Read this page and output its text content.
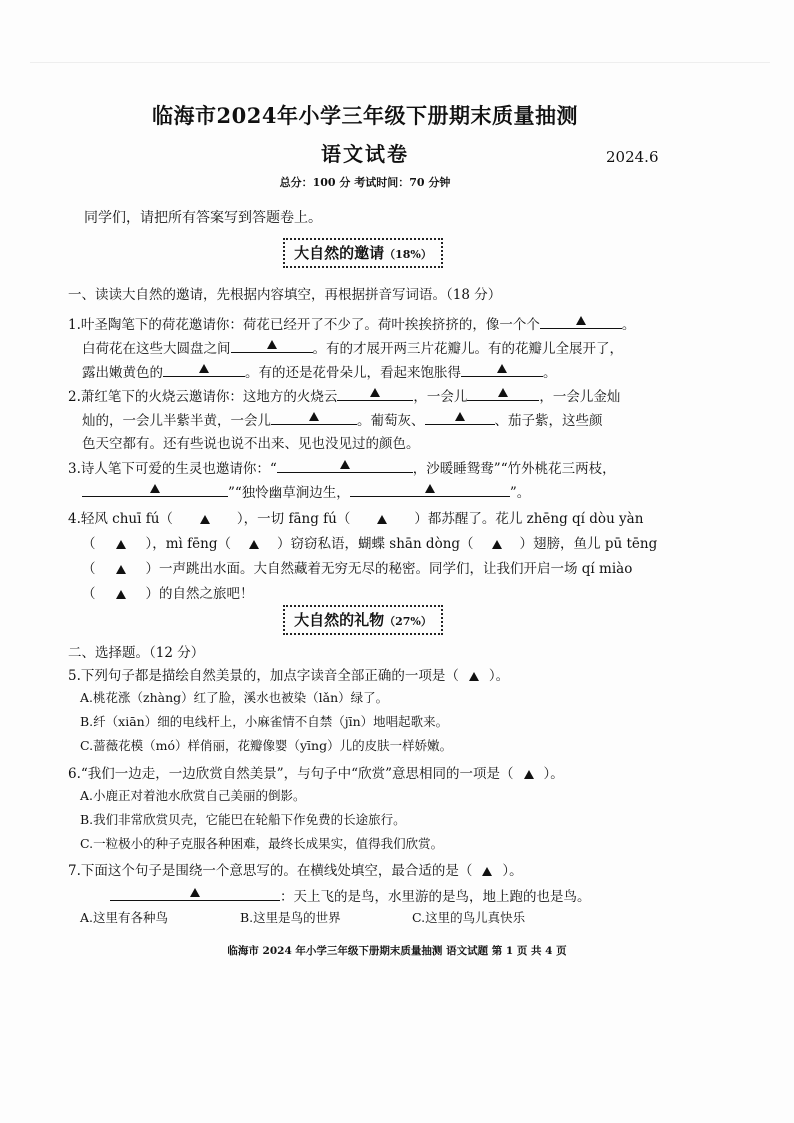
临海市2024年小学三年级下册期末质量抽测
语文试卷	2024.6
总分：100 分 考试时间：70 分钟
同学们，请把所有答案写到答题卷上。
大自然的邀请（18%）
一、读读大自然的邀请，先根据内容填空，再根据拼音写词语。（18 分）
1.叶圣陶笔下的荷花邀请你：荷花已经开了不少了。荷叶挨挨挤挤的，像一个个	。
白荷花在这些大圆盘之间	。有的才展开两三片花瓣儿。有的花瓣儿全展开了，
露出嫩黄色的	。有的还是花骨朵儿，看起来饱胀得	。
2.萧红笔下的火烧云邀请你：这地方的火烧云	，一会儿	，一会儿金灿
灿的，一会儿半紫半黄，一会儿	。葡萄灰、	、茄子紫，这些颜
色天空都有。还有些说也说不出来、见也没见过的颜色。
3.诗人笔下可爱的生灵也邀请你：“	，沙暖睡鸳鸯”“竹外桃花三两枝，
”“独怜幽草涧边生，	”。
4.轻风 chuī fú（	），一切 fāng fú（	）都苏醒了。花儿 zhēng qí dòu yàn
（	），mì fēng（	）窃窃私语，蝴蝶 shān dòng（	）翅膀，鱼儿 pū tēng
（	）一声跳出水面。大自然藏着无穷无尽的秘密。同学们，让我们开启一场 qí miào
（	）的自然之旅吧！
大自然的礼物（27%）
二、选择题。（12 分）
5.下列句子都是描绘自然美景的，加点字读音全部正确的一项是（ ）。
A.桃花涨（zhàng）红了脸，溪水也被染（lǎn）绿了。
B.纤（xiān）细的电线杆上，小麻雀情不自禁（jīn）地唱起歌来。
C.蔷薇花模（mó）样俏丽，花瓣像婴（yīng）儿的皮肤一样娇嫩。
6.“我们一边走，一边欣赏自然美景”，与句子中“欣赏”意思相同的一项是（ ）。
A.小鹿正对着池水欣赏自己美丽的倒影。
B.我们非常欣赏贝壳，它能巴在轮船下作免费的长途旅行。
C.一粒极小的种子克服各种困难，最终长成果实，值得我们欣赏。
7.下面这个句子是围绕一个意思写的。在横线处填空，最合适的是（ ）。
：天上飞的是鸟，水里游的是鸟，地上跑的也是鸟。
A.这里有各种鸟	B.这里是鸟的世界	C.这里的鸟儿真快乐
临海市 2024 年小学三年级下册期末质量抽测 语文试题 第 1 页 共 4 页
